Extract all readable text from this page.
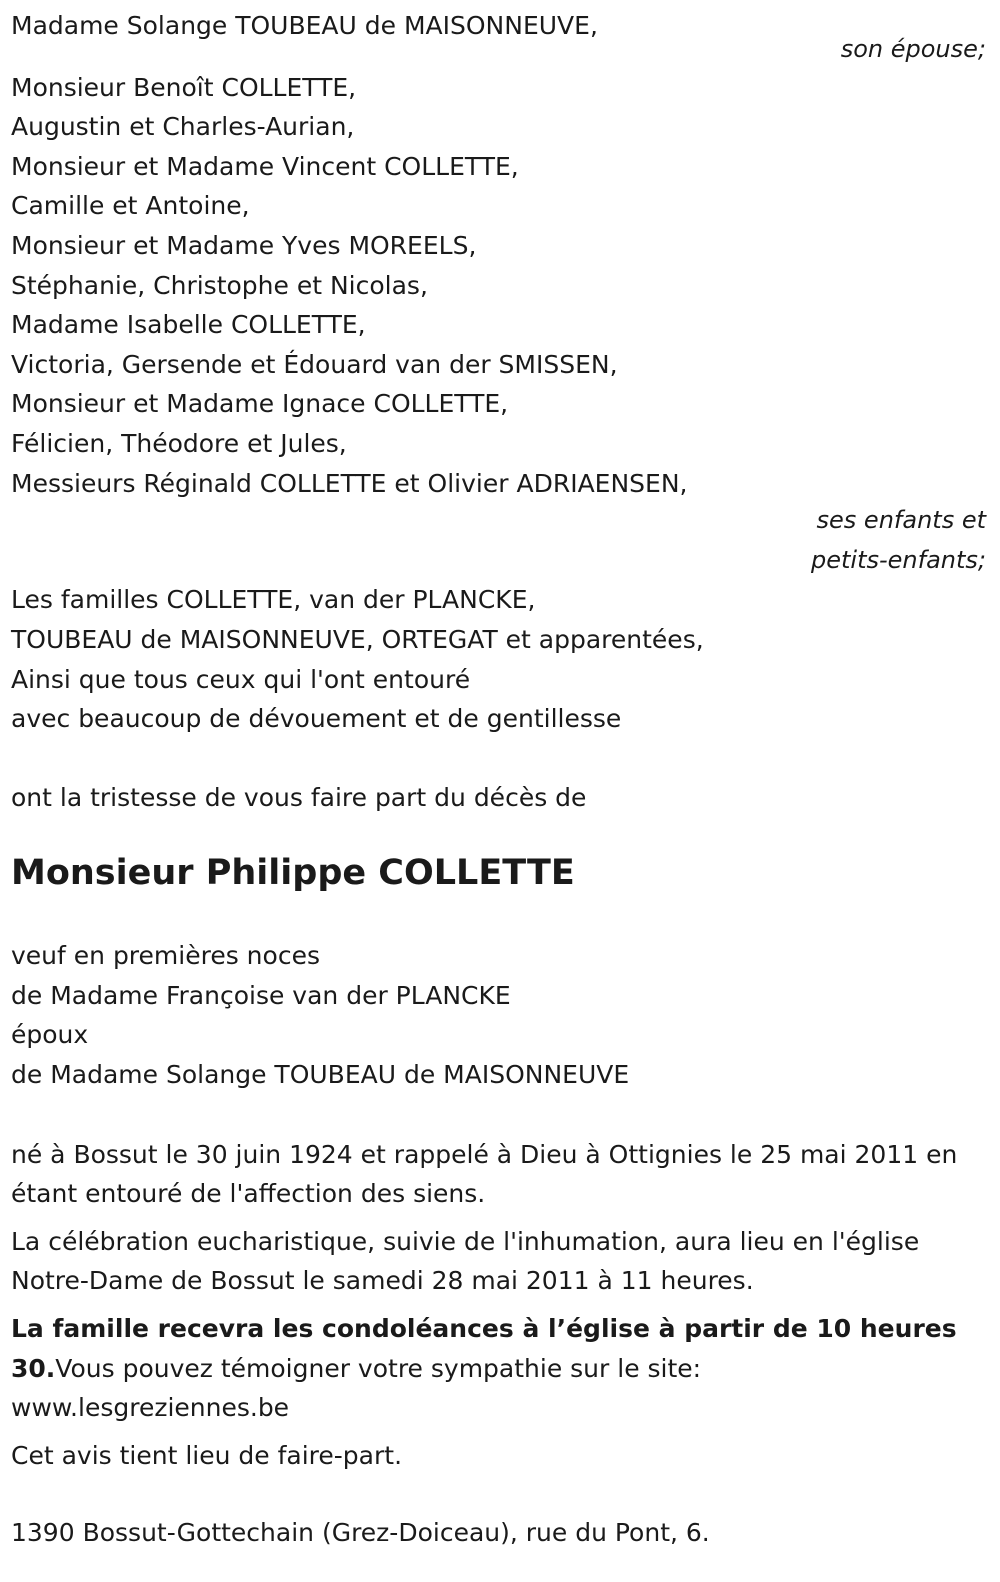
Madame Solange TOUBEAU de MAISONNEUVE,

son épouse;

Monsieur Benoît COLLETTE,

Augustin et Charles-Aurian,

Monsieur et Madame Vincent COLLETTE,

Camille et Antoine,

Monsieur et Madame Yves MOREELS,

Stéphanie, Christophe et Nicolas,

Madame Isabelle COLLETTE,

Victoria, Gersende et Édouard van der SMISSEN,

Monsieur et Madame Ignace COLLETTE,

Félicien, Théodore et Jules,

Messieurs Réginald COLLETTE et Olivier ADRIAENSEN,

ses enfants et

petits-enfants;

Les familles COLLETTE, van der PLANCKE,

TOUBEAU de MAISONNEUVE, ORTEGAT et apparentées,

Ainsi que tous ceux qui l'ont entouré

avec beaucoup de dévouement et de gentillesse

ont la tristesse de vous faire part du décès de

Monsieur Philippe COLLETTE

veuf en premières noces

de Madame Françoise van der PLANCKE

époux

de Madame Solange TOUBEAU de MAISONNEUVE

né à Bossut le 30 juin 1924 et rappelé à Dieu à Ottignies le 25 mai 2011 en étant entouré de l'affection des siens.

La célébration eucharistique, suivie de l'inhumation, aura lieu en l'église Notre-Dame de Bossut le samedi 28 mai 2011 à 11 heures.

La famille recevra les condoléances à l’église à partir de 10 heures 30.Vous pouvez témoigner votre sympathie sur le site: www.lesgreziennes.be

Cet avis tient lieu de faire-part.

1390 Bossut-Gottechain (Grez-Doiceau), rue du Pont, 6.
